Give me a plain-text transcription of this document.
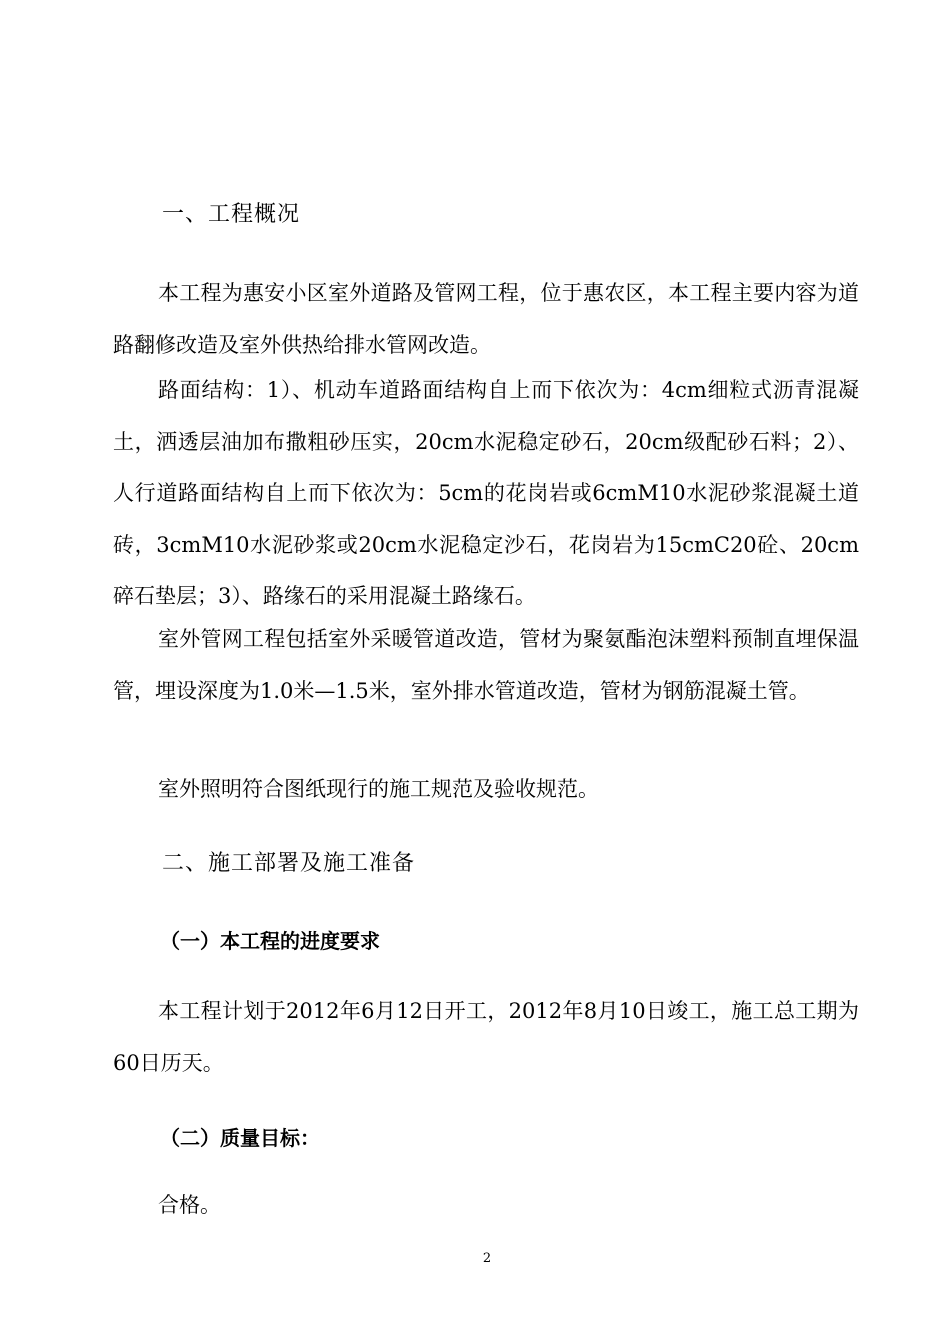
一、工程概况

本工程为惠安小区室外道路及管网工程，位于惠农区，本工程主要内容为道路翻修改造及室外供热给排水管网改造。

路面结构：1）、机动车道路面结构自上而下依次为：4cm细粒式沥青混凝土，洒透层油加布撒粗砂压实，20cm水泥稳定砂石，20cm级配砂石料；2）、人行道路面结构自上而下依次为：5cm的花岗岩或6cmM10水泥砂浆混凝土道砖，3cmM10水泥砂浆或20cm水泥稳定沙石，花岗岩为15cmC20砼、20cm碎石垫层；3）、路缘石的采用混凝土路缘石。

室外管网工程包括室外采暖管道改造，管材为聚氨酯泡沫塑料预制直埋保温管，埋设深度为1.0米—1.5米，室外排水管道改造，管材为钢筋混凝土管。

室外照明符合图纸现行的施工规范及验收规范。

二、施工部署及施工准备
（一）本工程的进度要求

本工程计划于2012年6月12日开工，2012年8月10日竣工，施工总工期为60日历天。

（二）质量目标：

合格。

2
